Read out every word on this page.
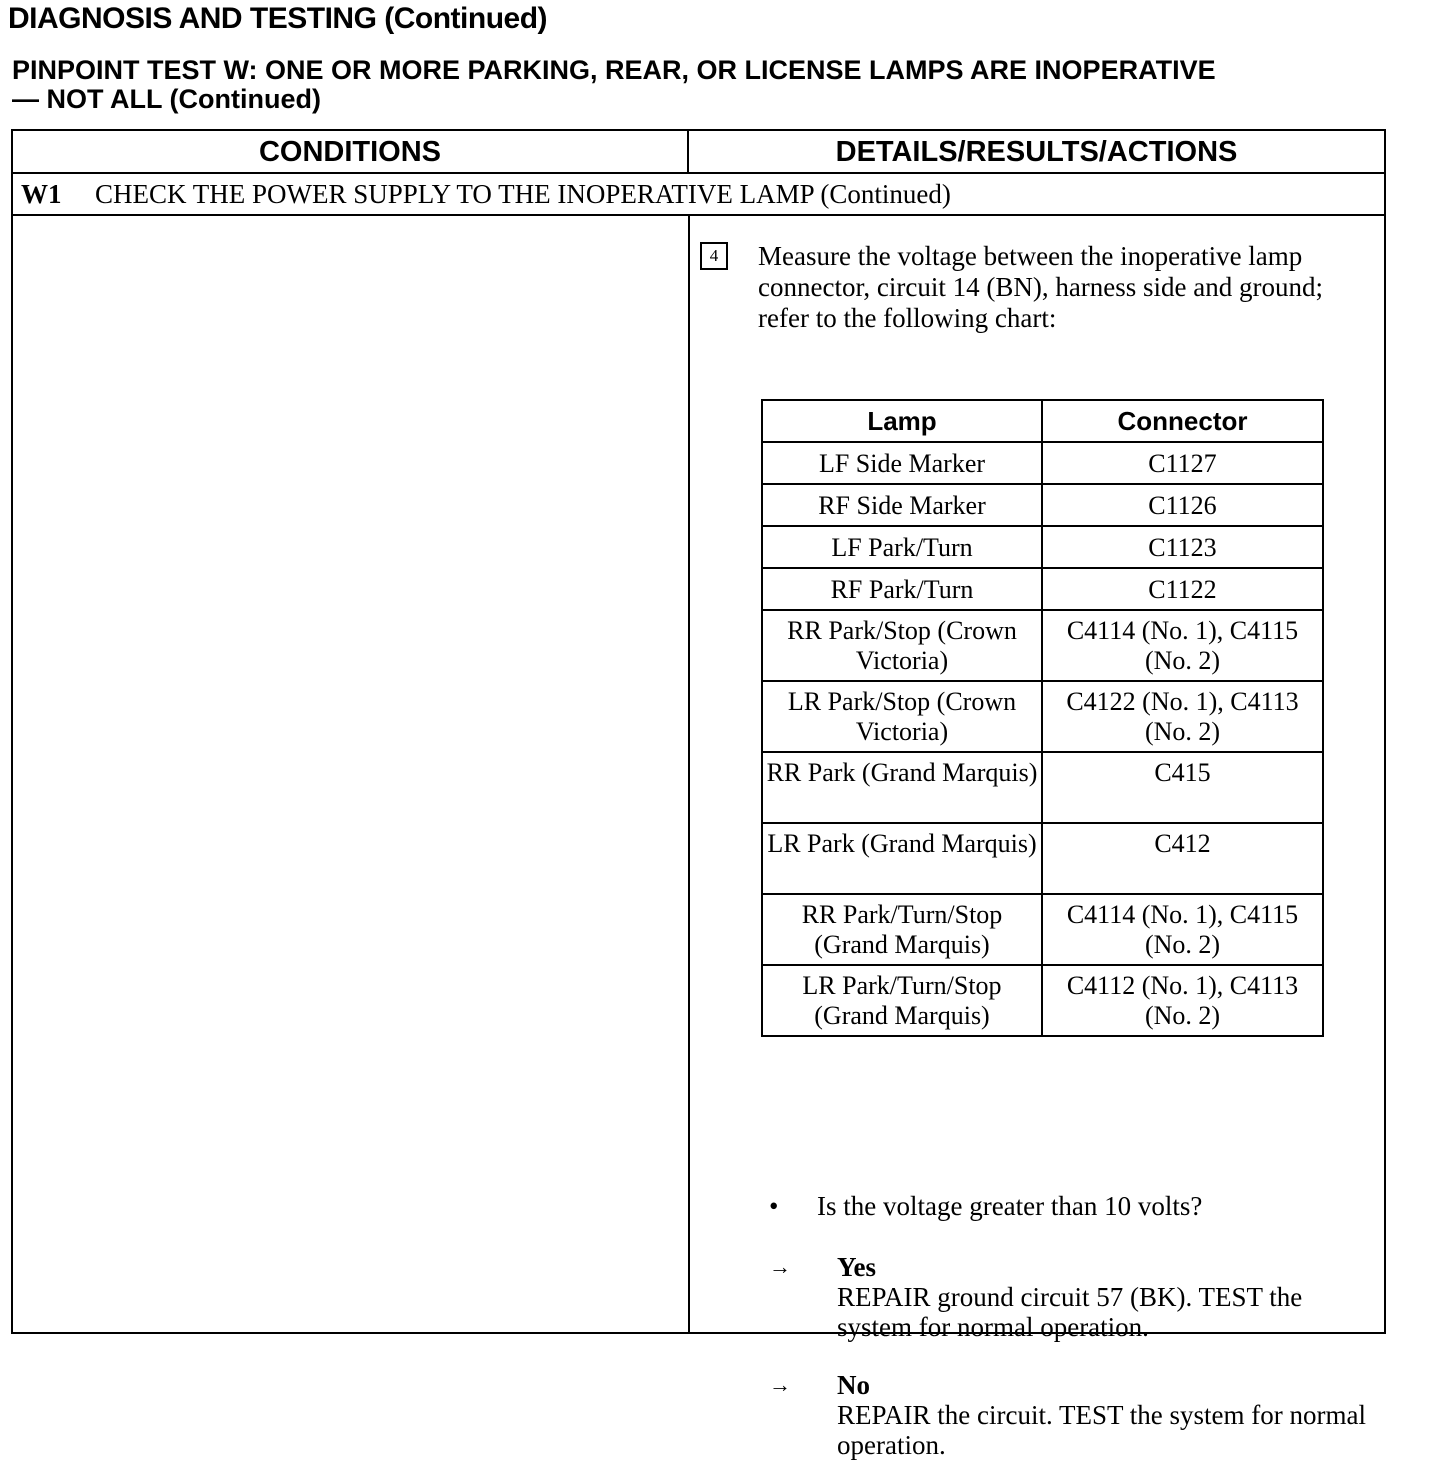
DIAGNOSIS AND TESTING (Continued)
PINPOINT TEST W: ONE OR MORE PARKING, REAR, OR LICENSE LAMPS ARE INOPERATIVE
— NOT ALL (Continued)
CONDITIONS	DETAILS/RESULTS/ACTIONS
W1 CHECK THE POWER SUPPLY TO THE INOPERATIVE LAMP (Continued)
4	Measure the voltage between the inoperative lamp connector, circuit 14 (BN), harness side and ground; refer to the following chart:
Lamp	Connector
LF Side Marker	C1127
RF Side Marker	C1126
LF Park/Turn	C1123
RF Park/Turn	C1122
RR Park/Stop (Crown Victoria)	C4114 (No. 1), C4115 (No. 2)
LR Park/Stop (Crown Victoria)	C4122 (No. 1), C4113 (No. 2)
RR Park (Grand Marquis)	C415
LR Park (Grand Marquis)	C412
RR Park/Turn/Stop (Grand Marquis)	C4114 (No. 1), C4115 (No. 2)
LR Park/Turn/Stop (Grand Marquis)	C4112 (No. 1), C4113 (No. 2)
• Is the voltage greater than 10 volts?
→ Yes
REPAIR ground circuit 57 (BK). TEST the system for normal operation.
→ No
REPAIR the circuit. TEST the system for normal operation.
